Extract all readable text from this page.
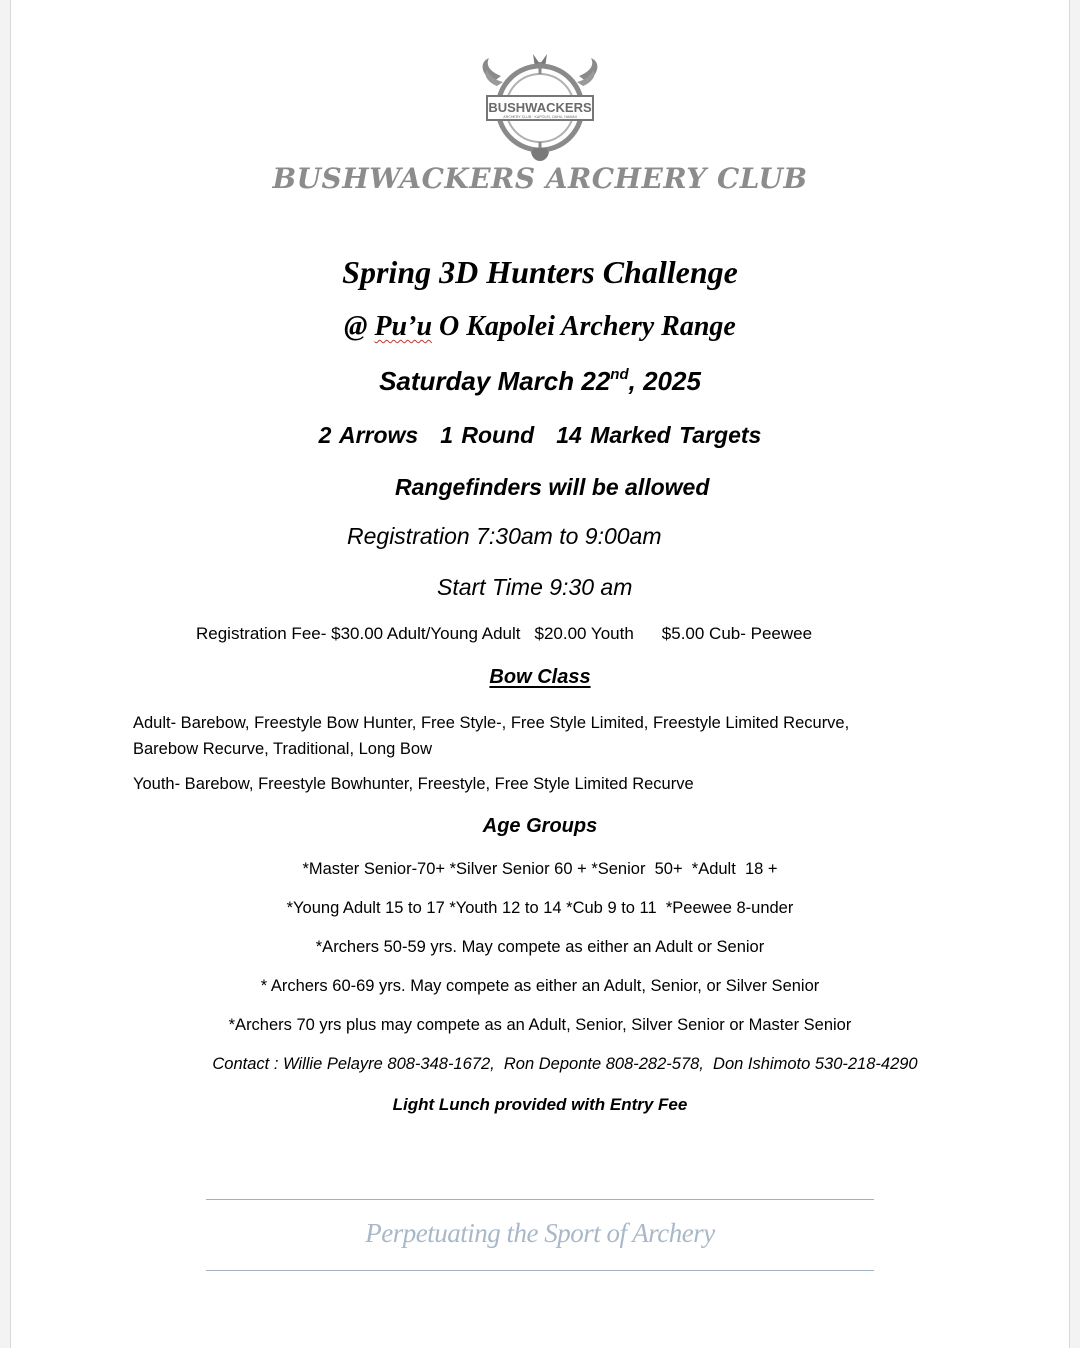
BUSHWACKERS
ARCHERY CLUB · KAPOLEI, OAHU, HAWAII
BUSHWACKERS ARCHERY CLUB
Spring 3D Hunters Challenge
@ Pu’u O Kapolei Archery Range
Saturday March 22nd, 2025
2 Arrows 1 Round 14 Marked Targets
Rangefinders will be allowed
Registration 7:30am to 9:00am
Start Time 9:30 am
Registration Fee- $30.00 Adult/Young Adult $20.00 Youth $5.00 Cub- Peewee
Bow Class
Adult- Barebow, Freestyle Bow Hunter, Free Style-, Free Style Limited, Freestyle Limited Recurve,
Barebow Recurve, Traditional, Long Bow
Youth- Barebow, Freestyle Bowhunter, Freestyle, Free Style Limited Recurve
Age Groups
*Master Senior-70+ *Silver Senior 60 + *Senior  50+  *Adult  18 +
*Young Adult 15 to 17 *Youth 12 to 14 *Cub 9 to 11  *Peewee 8-under
*Archers 50-59 yrs. May compete as either an Adult or Senior
* Archers 60-69 yrs. May compete as either an Adult, Senior, or Silver Senior
*Archers 70 yrs plus may compete as an Adult, Senior, Silver Senior or Master Senior
Contact : Willie Pelayre 808-348-1672,  Ron Deponte 808-282-578,  Don Ishimoto 530-218-4290
Light Lunch provided with Entry Fee
Perpetuating the Sport of Archery
